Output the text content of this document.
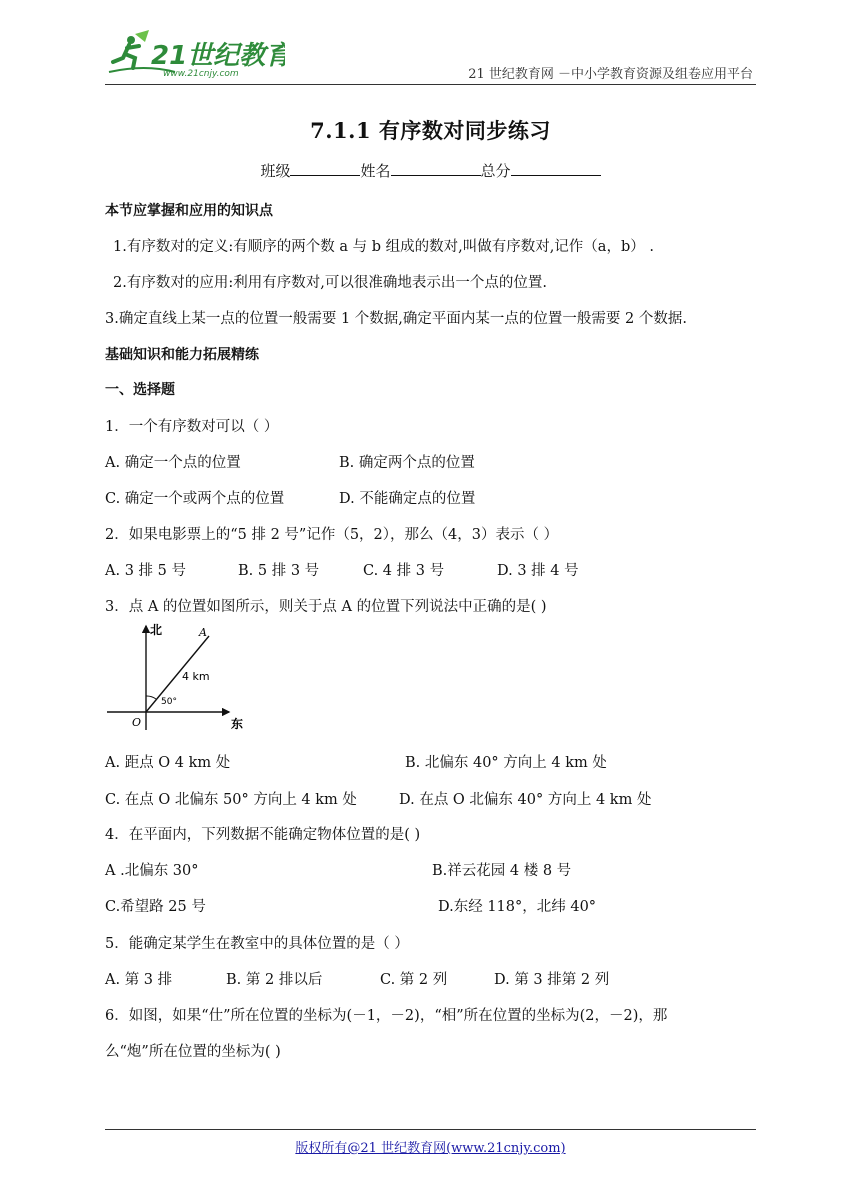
21世纪教育
www.21cnjy.com	21 世纪教育网 －中小学教育资源及组卷应用平台
7.1.1 有序数对同步练习
班级	姓名	总分
本节应掌握和应用的知识点
1.有序数对的定义:有顺序的两个数 a 与 b 组成的数对,叫做有序数对,记作（a，b） .
2.有序数对的应用:利用有序数对,可以很准确地表示出一个点的位置.
3.确定直线上某一点的位置一般需要 1 个数据,确定平面内某一点的位置一般需要 2 个数据.
基础知识和能力拓展精练
一、选择题
1．一个有序数对可以（ ）
A. 确定一个点的位置	B. 确定两个点的位置
C. 确定一个或两个点的位置	D. 不能确定点的位置
2．如果电影票上的“5 排 2 号”记作（5，2），那么（4，3）表示（ ）
A. 3 排 5 号	B. 5 排 3 号	C. 4 排 3 号	D. 3 排 4 号
3．点 A 的位置如图所示，则关于点 A 的位置下列说法中正确的是( )
北
东
O
A
4 km
50°
A. 距点 O 4 km 处	B. 北偏东 40° 方向上 4 km 处
C. 在点 O 北偏东 50° 方向上 4 km 处	D. 在点 O 北偏东 40° 方向上 4 km 处
4．在平面内，下列数据不能确定物体位置的是( )
A .北偏东 30°	B.祥云花园 4 楼 8 号
C.希望路 25 号	D.东经 118°，北纬 40°
5．能确定某学生在教室中的具体位置的是（ ）
A. 第 3 排	B. 第 2 排以后	C. 第 2 列	D. 第 3 排第 2 列
6．如图，如果“仕”所在位置的坐标为(－1，－2)，“相”所在位置的坐标为(2，－2)，那
么“炮”所在位置的坐标为( )
版权所有@21 世纪教育网(www.21cnjy.com)
